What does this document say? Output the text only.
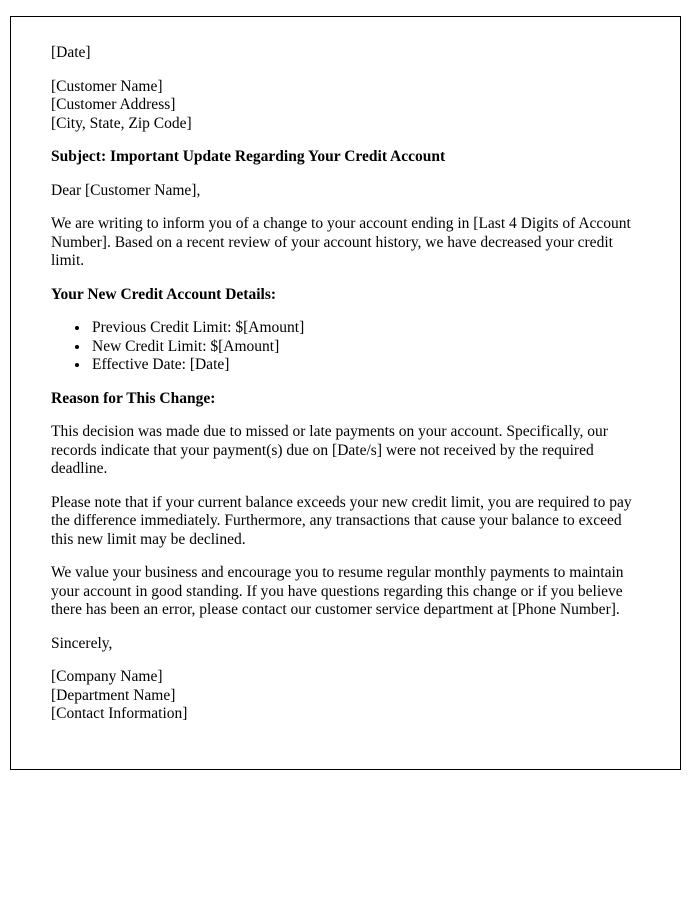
[Date]

[Customer Name]
[Customer Address]
[City, State, Zip Code]

Subject: Important Update Regarding Your Credit Account

Dear [Customer Name],

We are writing to inform you of a change to your account ending in [Last 4 Digits of Account Number]. Based on a recent review of your account history, we have decreased your credit limit.

Your New Credit Account Details:

• Previous Credit Limit: $[Amount]
• New Credit Limit: $[Amount]
• Effective Date: [Date]

Reason for This Change:

This decision was made due to missed or late payments on your account. Specifically, our records indicate that your payment(s) due on [Date/s] were not received by the required deadline.

Please note that if your current balance exceeds your new credit limit, you are required to pay the difference immediately. Furthermore, any transactions that cause your balance to exceed this new limit may be declined.

We value your business and encourage you to resume regular monthly payments to maintain your account in good standing. If you have questions regarding this change or if you believe there has been an error, please contact our customer service department at [Phone Number].

Sincerely,

[Company Name]
[Department Name]
[Contact Information]
